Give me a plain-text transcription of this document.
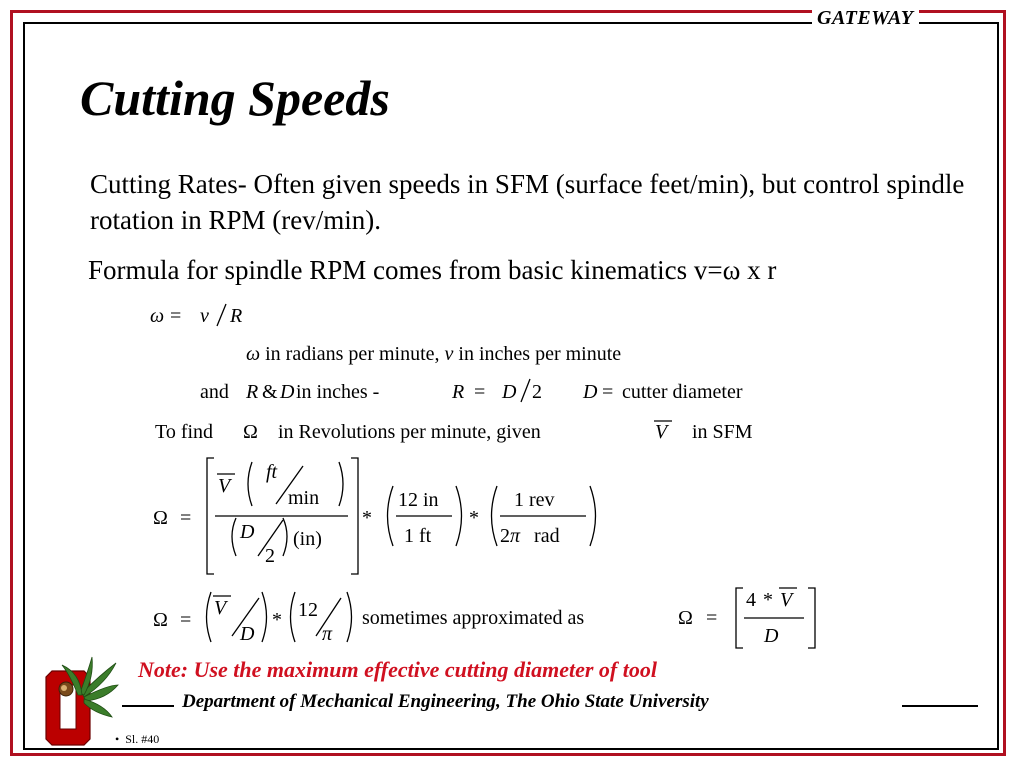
GATEWAY
Cutting Speeds

Cutting Rates- Often given speeds in SFM (surface feet/min), but control spindle rotation in RPM (rev/min).

Formula for spindle RPM comes from basic kinematics v=ω x r

ω = v R
ω in radians per minute, v in inches per minute
and R & D in inches -	R = D 2 D = cutter diameter
To find Ω in Revolutions per minute, given	V in SFM
Ω =
V
ft
min
D
2
(in)
*
12 in
1 ft
*
1 rev
2π rad
Ω =
V
D
* 12
π
sometimes approximated as	Ω =
4 * V
D

Note: Use the maximum effective cutting diameter of tool

Department of Mechanical Engineering, The Ohio State University

• Sl. #40
